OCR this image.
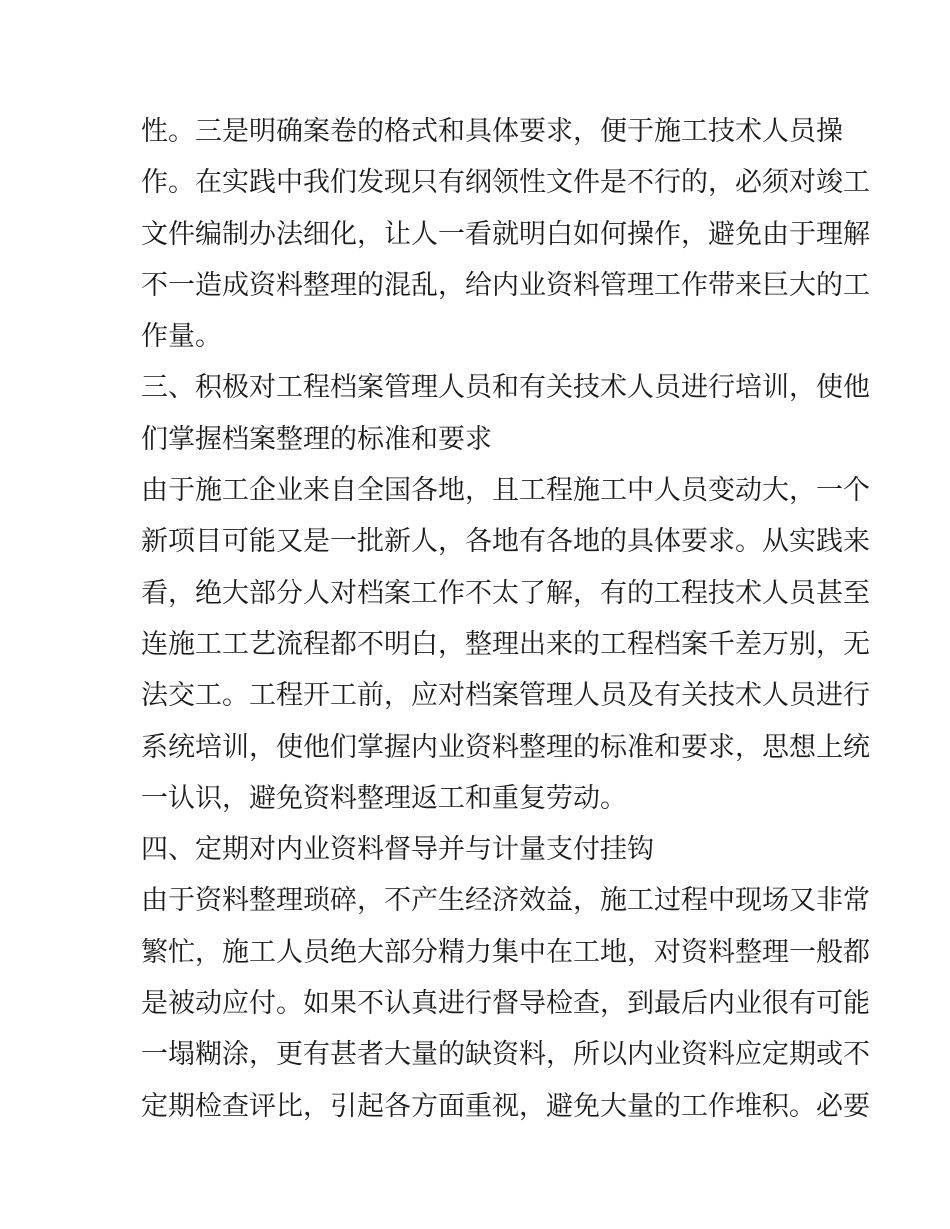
性。三是明确案卷的格式和具体要求，便于施工技术人员操
作。在实践中我们发现只有纲领性文件是不行的，必须对竣工
文件编制办法细化，让人一看就明白如何操作，避免由于理解
不一造成资料整理的混乱，给内业资料管理工作带来巨大的工
作量。
三、积极对工程档案管理人员和有关技术人员进行培训，使他
们掌握档案整理的标准和要求
由于施工企业来自全国各地，且工程施工中人员变动大，一个
新项目可能又是一批新人，各地有各地的具体要求。从实践来
看，绝大部分人对档案工作不太了解，有的工程技术人员甚至
连施工工艺流程都不明白，整理出来的工程档案千差万别，无
法交工。工程开工前，应对档案管理人员及有关技术人员进行
系统培训，使他们掌握内业资料整理的标准和要求，思想上统
一认识，避免资料整理返工和重复劳动。
四、定期对内业资料督导并与计量支付挂钩
由于资料整理琐碎，不产生经济效益，施工过程中现场又非常
繁忙，施工人员绝大部分精力集中在工地，对资料整理一般都
是被动应付。如果不认真进行督导检查，到最后内业很有可能
一塌糊涂，更有甚者大量的缺资料，所以内业资料应定期或不
定期检查评比，引起各方面重视，避免大量的工作堆积。必要
